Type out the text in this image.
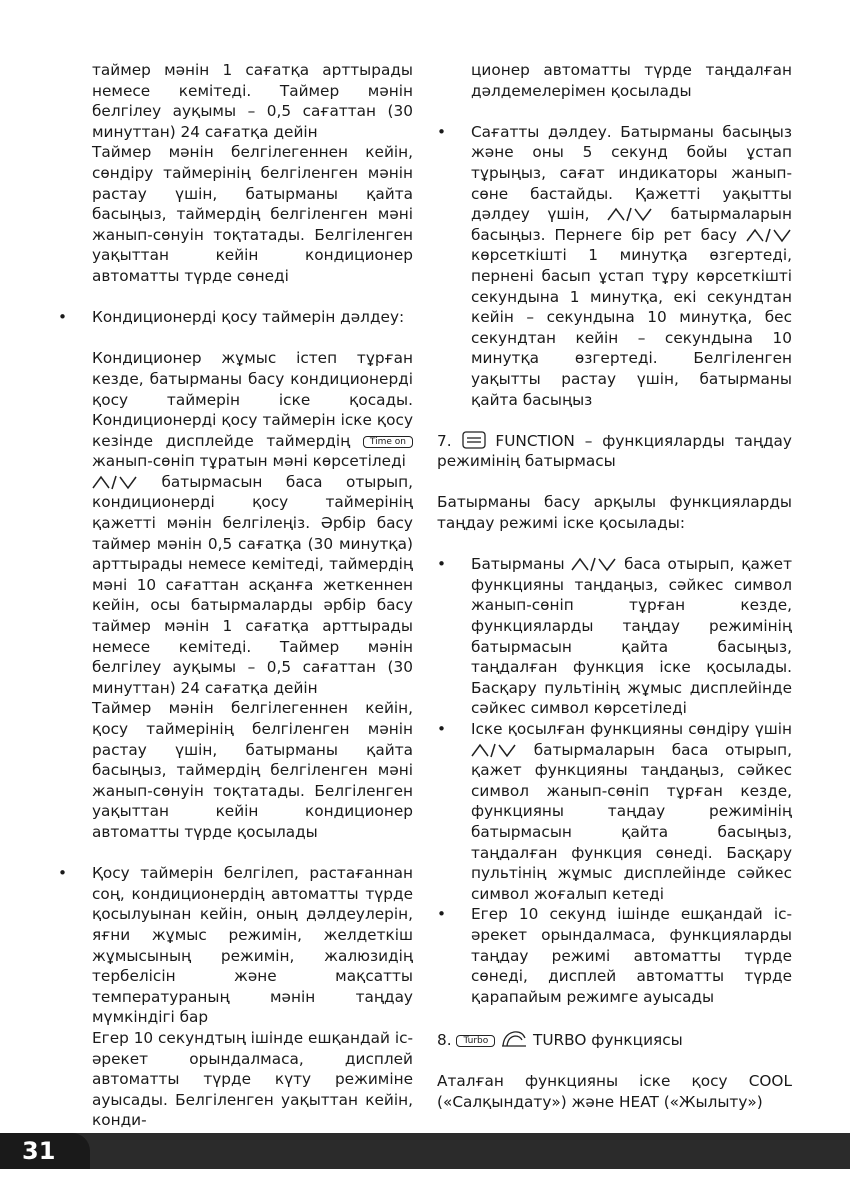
таймер мәнін 1 сағатқа арттырады немесе кемітеді. Таймер мәнін белгілеу ауқымы – 0,5 сағаттан (30 минуттан) 24 сағатқа дейін

Таймер мәнін белгілегеннен кейін, сөндіру таймерінің белгіленген мәнін растау үшін, батырманы қайта басыңыз, таймердің белгіленген мәні жанып-сөнуін тоқтатады. Белгіленген уақыттан кейін кондиционер автоматты түрде сөнеді

• Кондиционерді қосу таймерін дәлдеу:

Кондиционер жұмыс істеп тұрған кезде, батырманы басу кондиционерді қосу таймерін іске қосады. Кондиционерді қосу таймерін іске қосу кезінде дисплейде таймердің Time on жанып-сөніп тұратын мәні көрсетіледі

батырмасын баса отырып, кондиционерді қосу таймерінің қажетті мәнін белгілеңіз. Әрбір басу таймер мәнін 0,5 сағатқа (30 минутқа) арттырады немесе кемітеді, таймердің мәні 10 сағаттан асқанға жеткеннен кейін, осы батырмаларды әрбір басу таймер мәнін 1 сағатқа арттырады немесе кемітеді. Таймер мәнін белгілеу ауқымы – 0,5 сағаттан (30 минуттан) 24 сағатқа дейін

Таймер мәнін белгілегеннен кейін, қосу таймерінің белгіленген мәнін растау үшін, батырманы қайта басыңыз, таймердің белгіленген мәні жанып-сөнуін тоқтатады. Белгіленген уақыттан кейін кондиционер автоматты түрде қосылады

• Қосу таймерін белгілеп, растағаннан соң, кондиционердің автоматты түрде қосылуынан кейін, оның дәлдеулерін, яғни жұмыс режимін, желдеткіш жұмысының режимін, жалюзидің тербелісін және мақсатты температураның мәнін таңдау мүмкіндігі бар

Егер 10 секундтың ішінде ешқандай іс-әрекет орындалмаса, дисплей автоматты түрде күту режиміне ауысады. Белгіленген уақыттан кейін, конди-

ционер автоматты түрде таңдалған дәлдемелерімен қосылады

• Сағатты дәлдеу. Батырманы басыңыз және оны 5 секунд бойы ұстап тұрыңыз, сағат индикаторы жанып-сөне бастайды. Қажетті уақытты дәлдеу үшін,	батырмаларын басыңыз. Пернеге бір рет басу  көрсеткішті 1 минутқа өзгертеді, пернені басып ұстап тұру көрсеткішті секундына 1 минутқа, екі секундтан кейін – секундына 10 минутқа, бес секундтан кейін – секундына 10 минутқа өзгертеді. Белгіленген уақытты растау үшін, батырманы қайта басыңыз

7.	FUNCTION – функцияларды таңдау режимінің батырмасы

Батырманы басу арқылы функцияларды таңдау режимі іске қосылады:

• Батырманы	баса отырып, қажет функцияны таңдаңыз, сәйкес символ жанып-сөніп тұрған кезде, функцияларды таңдау режимінің батырмасын қайта басыңыз, таңдалған функция іске қосылады. Басқару пультінің жұмыс дисплейінде сәйкес символ көрсетіледі

• Іске қосылған функцияны сөндіру үшін  батырмаларын баса отырып, қажет функцияны таңдаңыз, сәйкес символ жанып-сөніп тұрған кезде, функцияны таңдау режимінің батырмасын қайта басыңыз, таңдалған функция сөнеді. Басқару пультінің жұмыс дисплейінде сәйкес символ жоғалып кетеді

• Егер 10 секунд ішінде ешқандай іс-әрекет орындалмаса, функцияларды таңдау режимі автоматты түрде сөнеді, дисплей автоматты түрде қарапайым режимге ауысады

8. Turbo	TURBO функциясы

Аталған функцияны іске қосу COOL («Салқындату») және HEAT («Жылыту»)

31
